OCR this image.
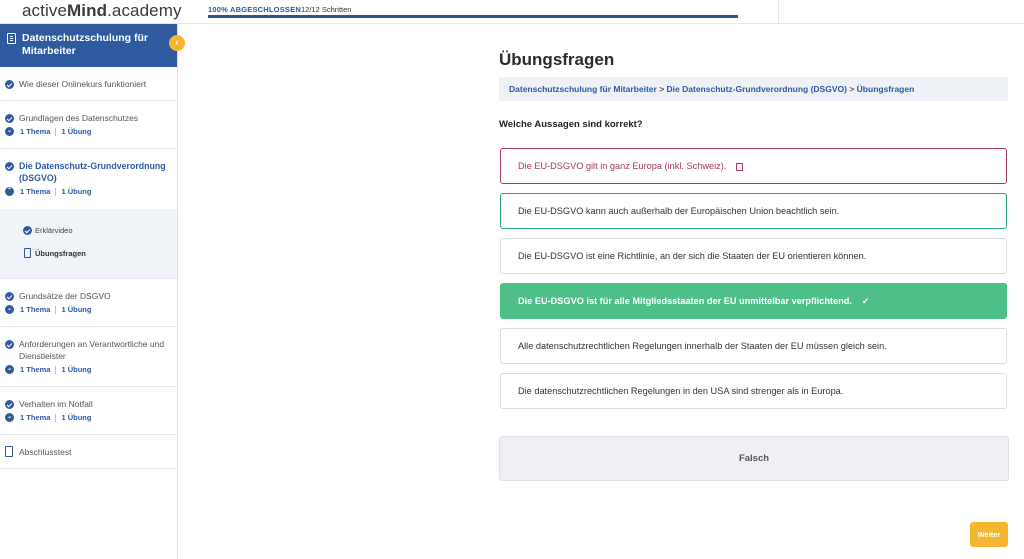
activeMind.academy	100% ABGESCHLOSSEN 12/12 Schritten
Datenschutzschulung für Mitarbeiter
‹
Wie dieser Onlinekurs funktioniert
Grundlagen des Datenschutzes
⌄ 1 Thema 1 Übung
Die Datenschutz-Grundverordnung (DSGVO)
⌃ 1 Thema 1 Übung
Erklärvideo
Übungsfragen
Grundsätze der DSGVO
⌄ 1 Thema 1 Übung
Anforderungen an Verantwortliche und Dienstleister
⌄ 1 Thema 1 Übung
Verhalten im Notfall
⌄ 1 Thema 1 Übung
Abschlusstest
Übungsfragen
Datenschutzschulung für Mitarbeiter > Die Datenschutz-Grundverordnung (DSGVO) > Übungsfragen
Welche Aussagen sind korrekt?
Die EU-DSGVO gilt in ganz Europa (inkl. Schweiz).
Die EU-DSGVO kann auch außerhalb der Europäischen Union beachtlich sein.
Die EU-DSGVO ist eine Richtlinie, an der sich die Staaten der EU orientieren können.
Die EU-DSGVO ist für alle Mitgliedsstaaten der EU unmittelbar verpflichtend. ✓
Alle datenschutzrechtlichen Regelungen innerhalb der Staaten der EU müssen gleich sein.
Die datenschutzrechtlichen Regelungen in den USA sind strenger als in Europa.
Falsch
Weiter
